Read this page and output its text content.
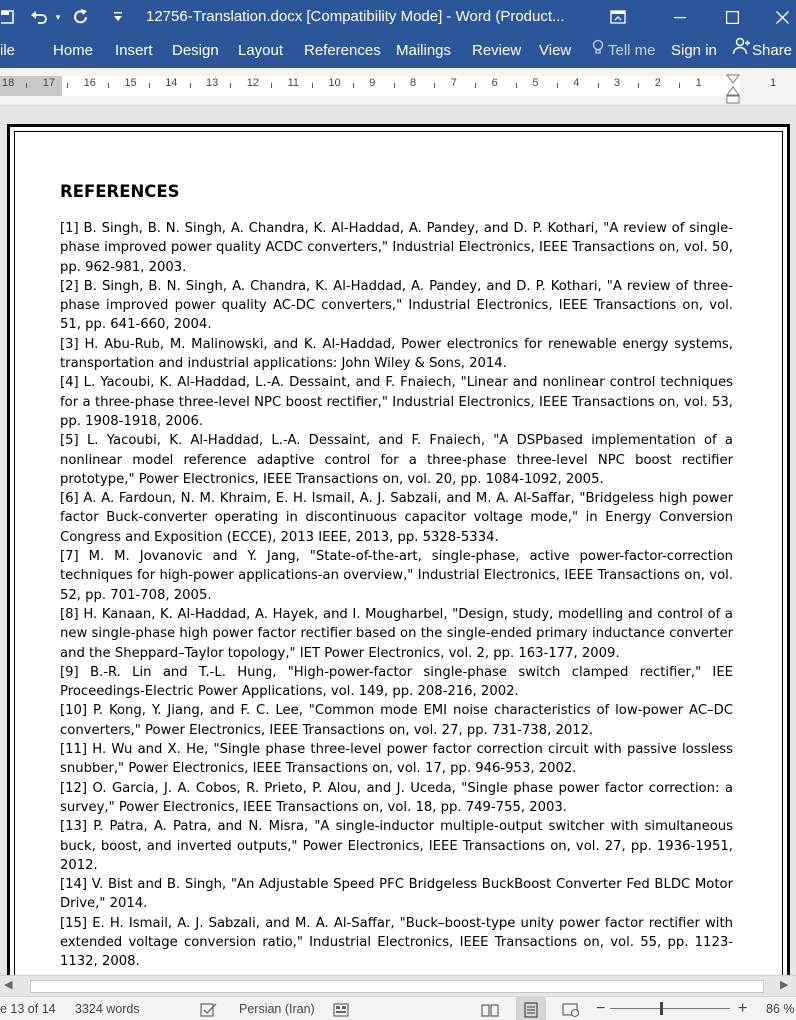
▾	12756-Translation.docx [Compatibility Mode] - Word (Product...
ile	Home Insert Design Layout References Mailings Review View	Tell me Sign in	Share
18	17	16	15	14	13	12	11	10	9	8	7	6	5	4	3	2	1	1
REFERENCES
[1] B. Singh, B. N. Singh, A. Chandra, K. Al-Haddad, A. Pandey, and D. P. Kothari, "A review of single-phase improved power quality ACDC converters," Industrial Electronics, IEEE Transactions on, vol. 50, pp. 962-981, 2003.
[2] B. Singh, B. N. Singh, A. Chandra, K. Al-Haddad, A. Pandey, and D. P. Kothari, "A review of three-phase improved power quality AC-DC converters," Industrial Electronics, IEEE Transactions on, vol. 51, pp. 641-660, 2004.
[3] H. Abu-Rub, M. Malinowski, and K. Al-Haddad, Power electronics for renewable energy systems, transportation and industrial applications: John Wiley & Sons, 2014.
[4] L. Yacoubi, K. Al-Haddad, L.-A. Dessaint, and F. Fnaiech, "Linear and nonlinear control techniques for a three-phase three-level NPC boost rectifier," Industrial Electronics, IEEE Transactions on, vol. 53, pp. 1908-1918, 2006.
[5] L. Yacoubi, K. Al-Haddad, L.-A. Dessaint, and F. Fnaiech, "A DSPbased implementation of a nonlinear model reference adaptive control for a three-phase three-level NPC boost rectifier prototype," Power Electronics, IEEE Transactions on, vol. 20, pp. 1084-1092, 2005.
[6] A. A. Fardoun, N. M. Khraim, E. H. Ismail, A. J. Sabzali, and M. A. Al-Saffar, "Bridgeless high power factor Buck-converter operating in discontinuous capacitor voltage mode," in Energy Conversion Congress and Exposition (ECCE), 2013 IEEE, 2013, pp. 5328-5334.
[7] M. M. Jovanovic and Y. Jang, "State-of-the-art, single-phase, active power-factor-correction techniques for high-power applications-an overview," Industrial Electronics, IEEE Transactions on, vol. 52, pp. 701-708, 2005.
[8] H. Kanaan, K. Al-Haddad, A. Hayek, and I. Mougharbel, "Design, study, modelling and control of a new single-phase high power factor rectifier based on the single-ended primary inductance converter and the Sheppard–Taylor topology," IET Power Electronics, vol. 2, pp. 163-177, 2009.
[9] B.-R. Lin and T.-L. Hung, "High-power-factor single-phase switch clamped rectifier," IEE Proceedings-Electric Power Applications, vol. 149, pp. 208-216, 2002.
[10] P. Kong, Y. Jiang, and F. C. Lee, "Common mode EMI noise characteristics of low-power AC–DC converters," Power Electronics, IEEE Transactions on, vol. 27, pp. 731-738, 2012.
[11] H. Wu and X. He, "Single phase three-level power factor correction circuit with passive lossless snubber," Power Electronics, IEEE Transactions on, vol. 17, pp. 946-953, 2002.
[12] O. Garcia, J. A. Cobos, R. Prieto, P. Alou, and J. Uceda, "Single phase power factor correction: a survey," Power Electronics, IEEE Transactions on, vol. 18, pp. 749-755, 2003.
[13] P. Patra, A. Patra, and N. Misra, "A single-inductor multiple-output switcher with simultaneous buck, boost, and inverted outputs," Power Electronics, IEEE Transactions on, vol. 27, pp. 1936-1951, 2012.
[14] V. Bist and B. Singh, "An Adjustable Speed PFC Bridgeless BuckBoost Converter Fed BLDC Motor Drive," 2014.
[15] E. H. Ismail, A. J. Sabzali, and M. A. Al-Saffar, "Buck–boost-type unity power factor rectifier with extended voltage conversion ratio," Industrial Electronics, IEEE Transactions on, vol. 55, pp. 1123-1132, 2008.
◀	▶
e 13 of 14 3324 words	Persian (Iran)	−	+ 86 %
